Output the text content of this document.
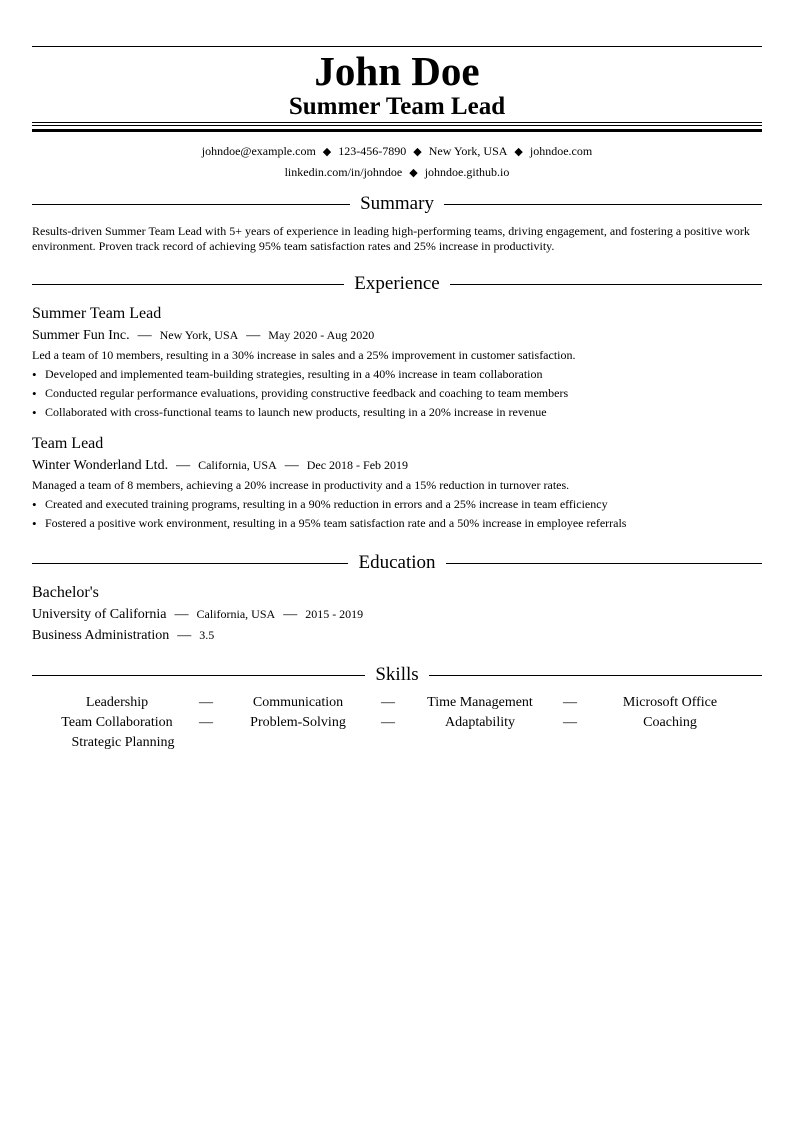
John Doe
Summer Team Lead
johndoe@example.com ◆ 123-456-7890 ◆ New York, USA ◆ johndoe.com
linkedin.com/in/johndoe ◆ johndoe.github.io
Summary
Results-driven Summer Team Lead with 5+ years of experience in leading high-performing teams, driving engagement, and fostering a positive work environment. Proven track record of achieving 95% team satisfaction rates and 25% increase in productivity.
Experience
Summer Team Lead
Summer Fun Inc. — New York, USA — May 2020 - Aug 2020
Led a team of 10 members, resulting in a 30% increase in sales and a 25% improvement in customer satisfaction.
• Developed and implemented team-building strategies, resulting in a 40% increase in team collaboration
• Conducted regular performance evaluations, providing constructive feedback and coaching to team members
• Collaborated with cross-functional teams to launch new products, resulting in a 20% increase in revenue
Team Lead
Winter Wonderland Ltd. — California, USA — Dec 2018 - Feb 2019
Managed a team of 8 members, achieving a 20% increase in productivity and a 15% reduction in turnover rates.
• Created and executed training programs, resulting in a 90% reduction in errors and a 25% increase in team efficiency
• Fostered a positive work environment, resulting in a 95% team satisfaction rate and a 50% increase in employee referrals
Education
Bachelor's
University of California — California, USA — 2015 - 2019
Business Administration — 3.5
Skills
Leadership	—	Communication	—	Time Management	—	Microsoft Office
Team Collaboration	—	Problem-Solving	—	Adaptability	—	Coaching
Strategic Planning
